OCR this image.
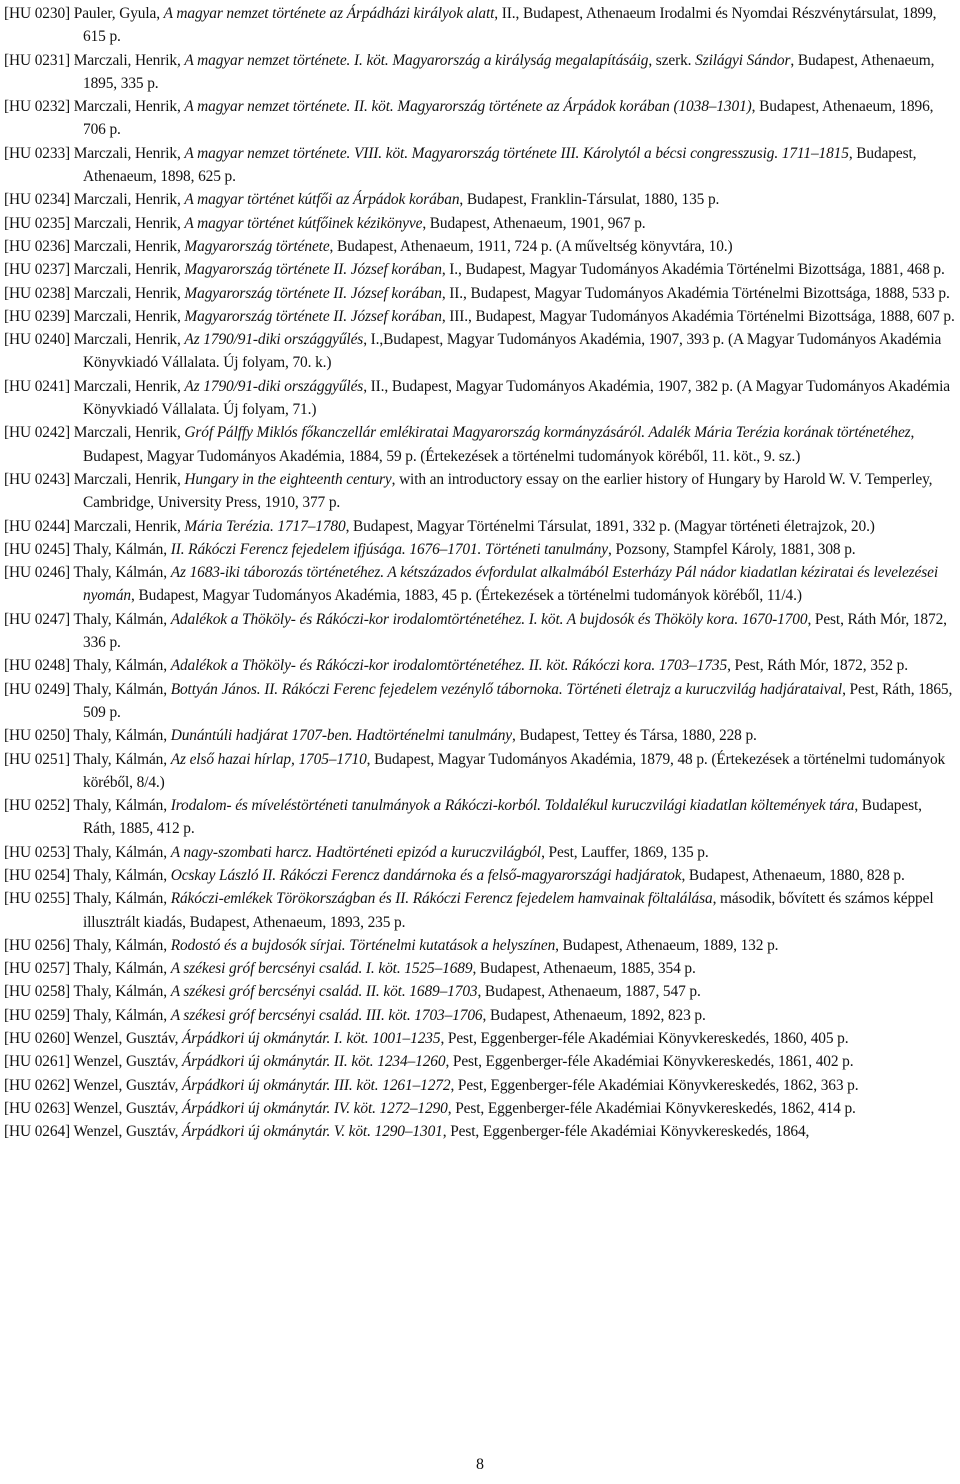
[HU 0230] Pauler, Gyula, A magyar nemzet története az Árpádházi királyok alatt, II., Budapest, Athenaeum Irodalmi és Nyomdai Részvénytársulat, 1899, 615 p.
[HU 0231] Marczali, Henrik, A magyar nemzet története. I. köt. Magyarország a királyság megalapításáig, szerk. Szilágyi Sándor, Budapest, Athenaeum, 1895, 335 p.
[HU 0232] Marczali, Henrik, A magyar nemzet története. II. köt. Magyarország története az Árpádok korában (1038–1301), Budapest, Athenaeum, 1896, 706 p.
[HU 0233] Marczali, Henrik, A magyar nemzet története. VIII. köt. Magyarország története III. Károlytól a bécsi congresszusig. 1711–1815, Budapest, Athenaeum, 1898, 625 p.
[HU 0234] Marczali, Henrik, A magyar történet kútfői az Árpádok korában, Budapest, Franklin-Társulat, 1880, 135 p.
[HU 0235] Marczali, Henrik, A magyar történet kútfőinek kézikönyve, Budapest, Athenaeum, 1901, 967 p.
[HU 0236] Marczali, Henrik, Magyarország története, Budapest, Athenaeum, 1911, 724 p. (A műveltség könyvtára, 10.)
[HU 0237] Marczali, Henrik, Magyarország története II. József korában, I., Budapest, Magyar Tudományos Akadémia Történelmi Bizottsága, 1881, 468 p.
[HU 0238] Marczali, Henrik, Magyarország története II. József korában, II., Budapest, Magyar Tudományos Akadémia Történelmi Bizottsága, 1888, 533 p.
[HU 0239] Marczali, Henrik, Magyarország története II. József korában, III., Budapest, Magyar Tudományos Akadémia Történelmi Bizottsága, 1888, 607 p.
[HU 0240] Marczali, Henrik, Az 1790/91-diki országgyűlés, I.,Budapest, Magyar Tudományos Akadémia, 1907, 393 p. (A Magyar Tudományos Akadémia Könyvkiadó Vállalata. Új folyam, 70. k.)
[HU 0241] Marczali, Henrik, Az 1790/91-diki országgyűlés, II., Budapest, Magyar Tudományos Akadémia, 1907, 382 p. (A Magyar Tudományos Akadémia Könyvkiadó Vállalata. Új folyam, 71.)
[HU 0242] Marczali, Henrik, Gróf Pálffy Miklós főkanczellár emlékiratai Magyarország kormányzásáról. Adalék Mária Terézia korának történetéhez, Budapest, Magyar Tudományos Akadémia, 1884, 59 p. (Értekezések a történelmi tudományok köréből, 11. köt., 9. sz.)
[HU 0243] Marczali, Henrik, Hungary in the eighteenth century, with an introductory essay on the earlier history of Hungary by Harold W. V. Temperley, Cambridge, University Press, 1910, 377 p.
[HU 0244] Marczali, Henrik, Mária Terézia. 1717–1780, Budapest, Magyar Történelmi Társulat, 1891, 332 p. (Magyar történeti életrajzok, 20.)
[HU 0245] Thaly, Kálmán, II. Rákóczi Ferencz fejedelem ifjúsága. 1676–1701. Történeti tanulmány, Pozsony, Stampfel Károly, 1881, 308 p.
[HU 0246] Thaly, Kálmán, Az 1683-iki táborozás történetéhez. A kétszázados évfordulat alkalmából Esterházy Pál nádor kiadatlan kéziratai és levelezései nyomán, Budapest, Magyar Tudományos Akadémia, 1883, 45 p. (Értekezések a történelmi tudományok köréből, 11/4.)
[HU 0247] Thaly, Kálmán, Adalékok a Thököly- és Rákóczi-kor irodalomtörténetéhez. I. köt. A bujdosók és Thököly kora. 1670-1700, Pest, Ráth Mór, 1872, 336 p.
[HU 0248] Thaly, Kálmán, Adalékok a Thököly- és Rákóczi-kor irodalomtörténetéhez. II. köt. Rákóczi kora. 1703–1735, Pest, Ráth Mór, 1872, 352 p.
[HU 0249] Thaly, Kálmán, Bottyán János. II. Rákóczi Ferenc fejedelem vezénylő tábornoka. Történeti életrajz a kuruczvilág hadjárataival, Pest, Ráth, 1865, 509 p.
[HU 0250] Thaly, Kálmán, Dunántúli hadjárat 1707-ben. Hadtörténelmi tanulmány, Budapest, Tettey és Társa, 1880, 228 p.
[HU 0251] Thaly, Kálmán, Az első hazai hírlap, 1705–1710, Budapest, Magyar Tudományos Akadémia, 1879, 48 p. (Értekezések a történelmi tudományok köréből, 8/4.)
[HU 0252] Thaly, Kálmán, Irodalom- és míveléstörténeti tanulmányok a Rákóczi-korból. Toldalékul kuruczvilági kiadatlan költemények tára, Budapest, Ráth, 1885, 412 p.
[HU 0253] Thaly, Kálmán, A nagy-szombati harcz. Hadtörténeti epizód a kuruczvilágból, Pest, Lauffer, 1869, 135 p.
[HU 0254] Thaly, Kálmán, Ocskay László II. Rákóczi Ferencz dandárnoka és a felső-magyarországi hadjáratok, Budapest, Athenaeum, 1880, 828 p.
[HU 0255] Thaly, Kálmán, Rákóczi-emlékek Törökországban és II. Rákóczi Ferencz fejedelem hamvainak föltalálása, második, bővített és számos képpel illusztrált kiadás, Budapest, Athenaeum, 1893, 235 p.
[HU 0256] Thaly, Kálmán, Rodostó és a bujdosók sírjai. Történelmi kutatások a helyszínen, Budapest, Athenaeum, 1889, 132 p.
[HU 0257] Thaly, Kálmán, A székesi gróf bercsényi család. I. köt. 1525–1689, Budapest, Athenaeum, 1885, 354 p.
[HU 0258] Thaly, Kálmán, A székesi gróf bercsényi család. II. köt. 1689–1703, Budapest, Athenaeum, 1887, 547 p.
[HU 0259] Thaly, Kálmán, A székesi gróf bercsényi család. III. köt. 1703–1706, Budapest, Athenaeum, 1892, 823 p.
[HU 0260] Wenzel, Gusztáv, Árpádkori új okmánytár. I. köt. 1001–1235, Pest, Eggenberger-féle Akadémiai Könyvkereskedés, 1860, 405 p.
[HU 0261] Wenzel, Gusztáv, Árpádkori új okmánytár. II. köt. 1234–1260, Pest, Eggenberger-féle Akadémiai Könyvkereskedés, 1861, 402 p.
[HU 0262] Wenzel, Gusztáv, Árpádkori új okmánytár. III. köt. 1261–1272, Pest, Eggenberger-féle Akadémiai Könyvkereskedés, 1862, 363 p.
[HU 0263] Wenzel, Gusztáv, Árpádkori új okmánytár. IV. köt. 1272–1290, Pest, Eggenberger-féle Akadémiai Könyvkereskedés, 1862, 414 p.
[HU 0264] Wenzel, Gusztáv, Árpádkori új okmánytár. V. köt. 1290–1301, Pest, Eggenberger-féle Akadémiai Könyvkereskedés, 1864,
8
